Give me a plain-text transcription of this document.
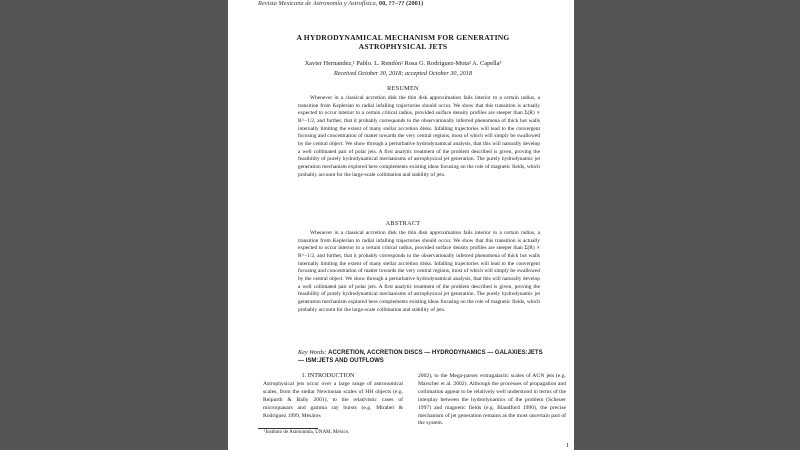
Revista Mexicana de Astronomía y Astrofísica, 00, ??–?? (2001)
A HYDRODYNAMICAL MECHANISM FOR GENERATING ASTROPHYSICAL JETS
Xavier Hernandez,¹ Pablo. L. Rendón² Rosa G. Rodríguez-Mota² A. Capella³
Received October 30, 2018; accepted October 30, 2018
RESUMEN

Whenever in a classical accretion disk the thin disk approximation fails interior to a certain radius, a transition from Keplerian to radial infalling trajectories should occur. We show that this transition is actually expected to occur interior to a certain critical radius, provided surface density profiles are steeper than Σ(R) ∝ R^−1/2, and further, that it probably corresponds to the observationally inferred phenomena of thick hot walls internally limiting the extent of many stellar accretion disks. Infalling trajectories will lead to the convergent focusing and concentration of matter towards the very central regions, most of which will simply be swallowed by the central object. We show through a perturbative hydrodynamical analysis, that this will naturally develop a well collimated pair of polar jets. A first analytic treatment of the problem described is given, proving the feasibility of purely hydrodynamical mechanisms of astrophysical jet generation. The purely hydrodynamic jet generation mechanism explored here complements existing ideas focusing on the role of magnetic fields, which probably account for the large-scale collimation and stability of jets.

ABSTRACT

Whenever in a classical accretion disk the thin disk approximation fails interior to a certain radius, a transition from Keplerian to radial infalling trajectories should occur. We show that this transition is actually expected to occur interior to a certain critical radius, provided surface density profiles are steeper than Σ(R) ∝ R^−1/2, and further, that it probably corresponds to the observationally inferred phenomena of thick hot walls internally limiting the extent of many stellar accretion disks. Infalling trajectories will lead to the convergent focusing and concentration of matter towards the very central regions, most of which will simply be swallowed by the central object. We show through a perturbative hydrodynamical analysis, that this will naturally develop a well collimated pair of polar jets. A first analytic treatment of the problem described is given, proving the feasibility of purely hydrodynamical mechanisms of astrophysical jet generation. The purely hydrodynamic jet generation mechanism explored here complements existing ideas focusing on the role of magnetic fields, which probably account for the large-scale collimation and stability of jets.

Key Words: ACCRETION, ACCRETION DISCS — HYDRODYNAMICS — GALAXIES:JETS — ISM:JETS AND OUTFLOWS
1. INTRODUCTION

Astrophysical jets occur over a large range of astronomical scales, from the stellar Newtonian scales of HH objects (e.g. Reipurth & Bally 2001), to the relativistic cases of microquasars and gamma ray bursts (e.g. Mirabel & Rodríguez 1999, Mésáros

2002), to the Mega-parsec extragalactic scales of AGN jets (e.g. Marscher et al. 2002). Although the processes of propagation and collimation appear to be relatively well understood in terms of the interplay between the hydrodynamics of the problem (Scheuer 1997) and magnetic fields (e.g. Blandford 1990), the precise mechanism of jet generation remains as the most uncertain part of the system.

¹Instituto de Astronomía, UNAM, México.
1
